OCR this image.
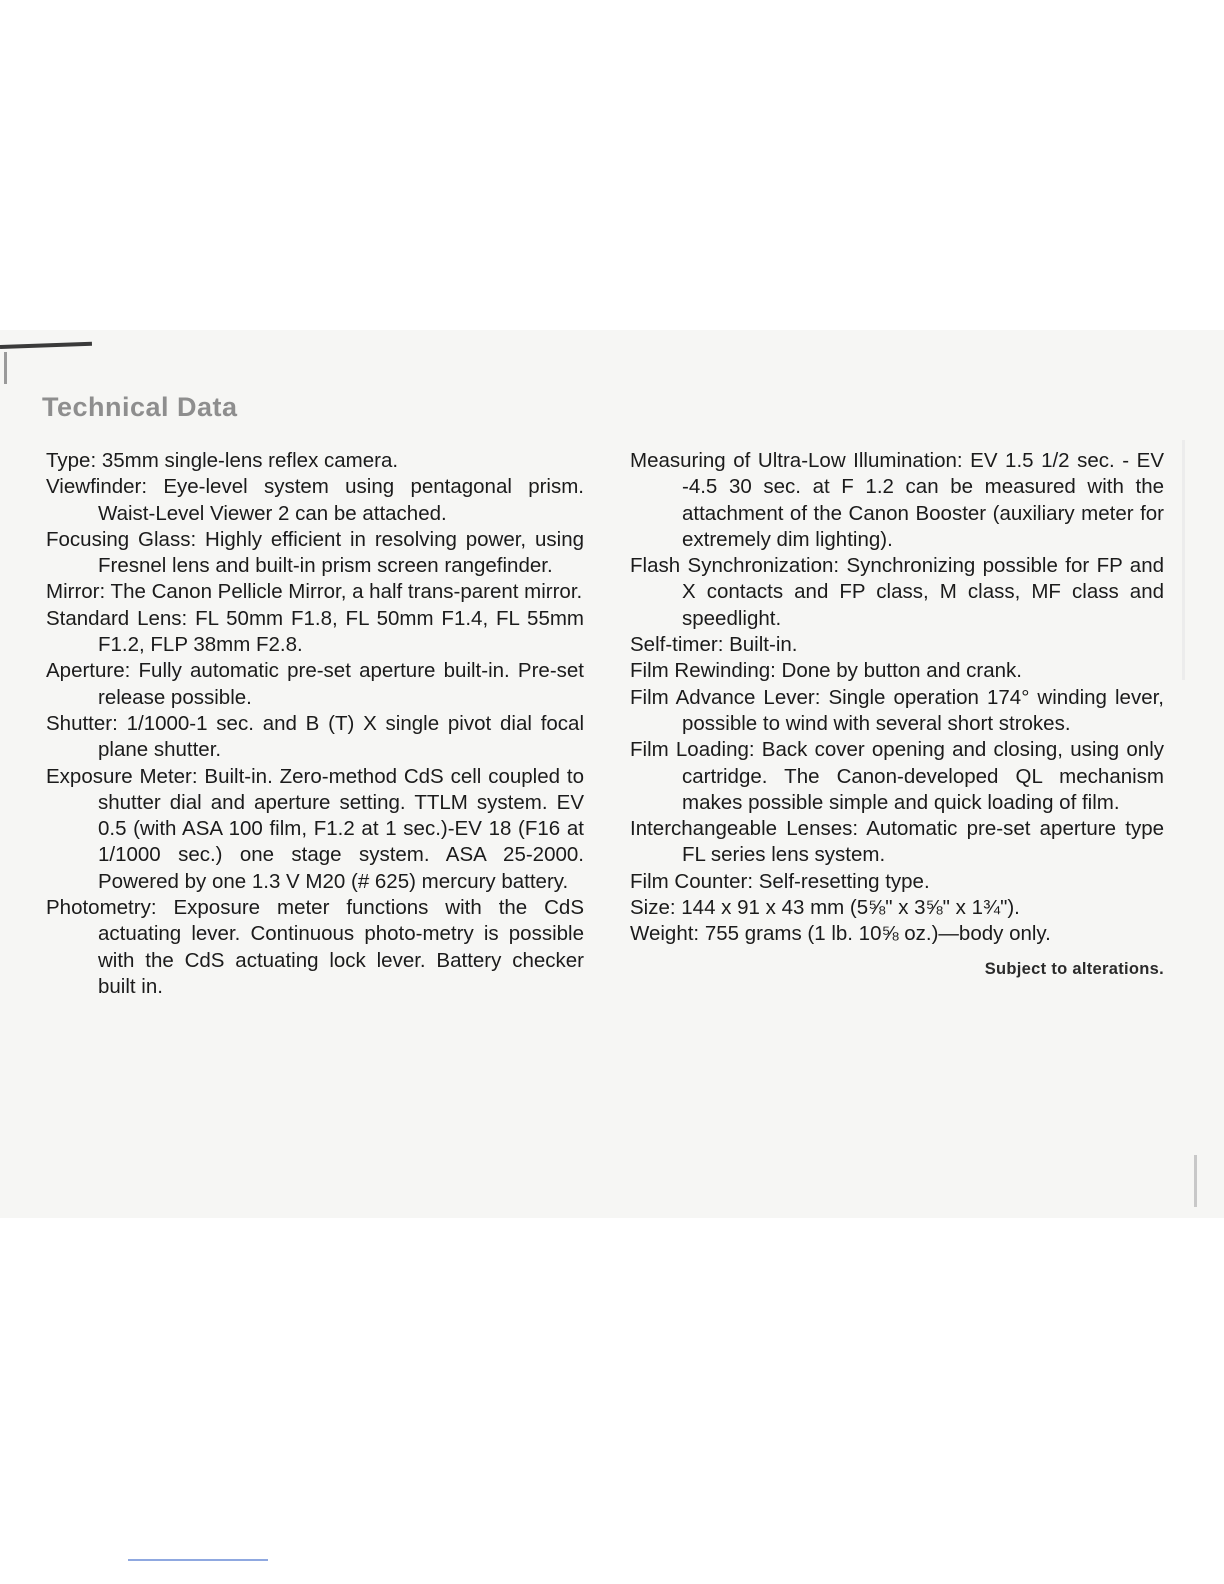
Technical Data

Type: 35mm single-lens reflex camera.

Viewfinder: Eye-level system using pentagonal prism. Waist-Level Viewer 2 can be attached.

Focusing Glass: Highly efficient in resolving power, using Fresnel lens and built-in prism screen rangefinder.

Mirror: The Canon Pellicle Mirror, a half trans-parent mirror.

Standard Lens: FL 50mm F1.8, FL 50mm F1.4, FL 55mm F1.2, FLP 38mm F2.8.

Aperture: Fully automatic pre-set aperture built-in. Pre-set release possible.

Shutter: 1/1000-1 sec. and B (T) X single pivot dial focal plane shutter.

Exposure Meter: Built-in. Zero-method CdS cell coupled to shutter dial and aperture setting. TTLM system. EV 0.5 (with ASA 100 film, F1.2 at 1 sec.)-EV 18 (F16 at 1/1000 sec.) one stage system. ASA 25-2000. Powered by one 1.3 V M20 (# 625) mercury battery.

Photometry: Exposure meter functions with the CdS actuating lever. Continuous photo-metry is possible with the CdS actuating lock lever. Battery checker built in.

Measuring of Ultra-Low Illumination: EV 1.5 1/2 sec. - EV -4.5 30 sec. at F 1.2 can be measured with the attachment of the Canon Booster (auxiliary meter for extremely dim lighting).

Flash Synchronization: Synchronizing possible for FP and X contacts and FP class, M class, MF class and speedlight.

Self-timer: Built-in.

Film Rewinding: Done by button and crank.

Film Advance Lever: Single operation 174° winding lever, possible to wind with several short strokes.

Film Loading: Back cover opening and closing, using only cartridge. The Canon-developed QL mechanism makes possible simple and quick loading of film.

Interchangeable Lenses: Automatic pre-set aperture type FL series lens system.

Film Counter: Self-resetting type.

Size: 144 x 91 x 43 mm (5⅝" x 3⅝" x 1¾").

Weight: 755 grams (1 lb. 10⅝ oz.)—body only.

Subject to alterations.
